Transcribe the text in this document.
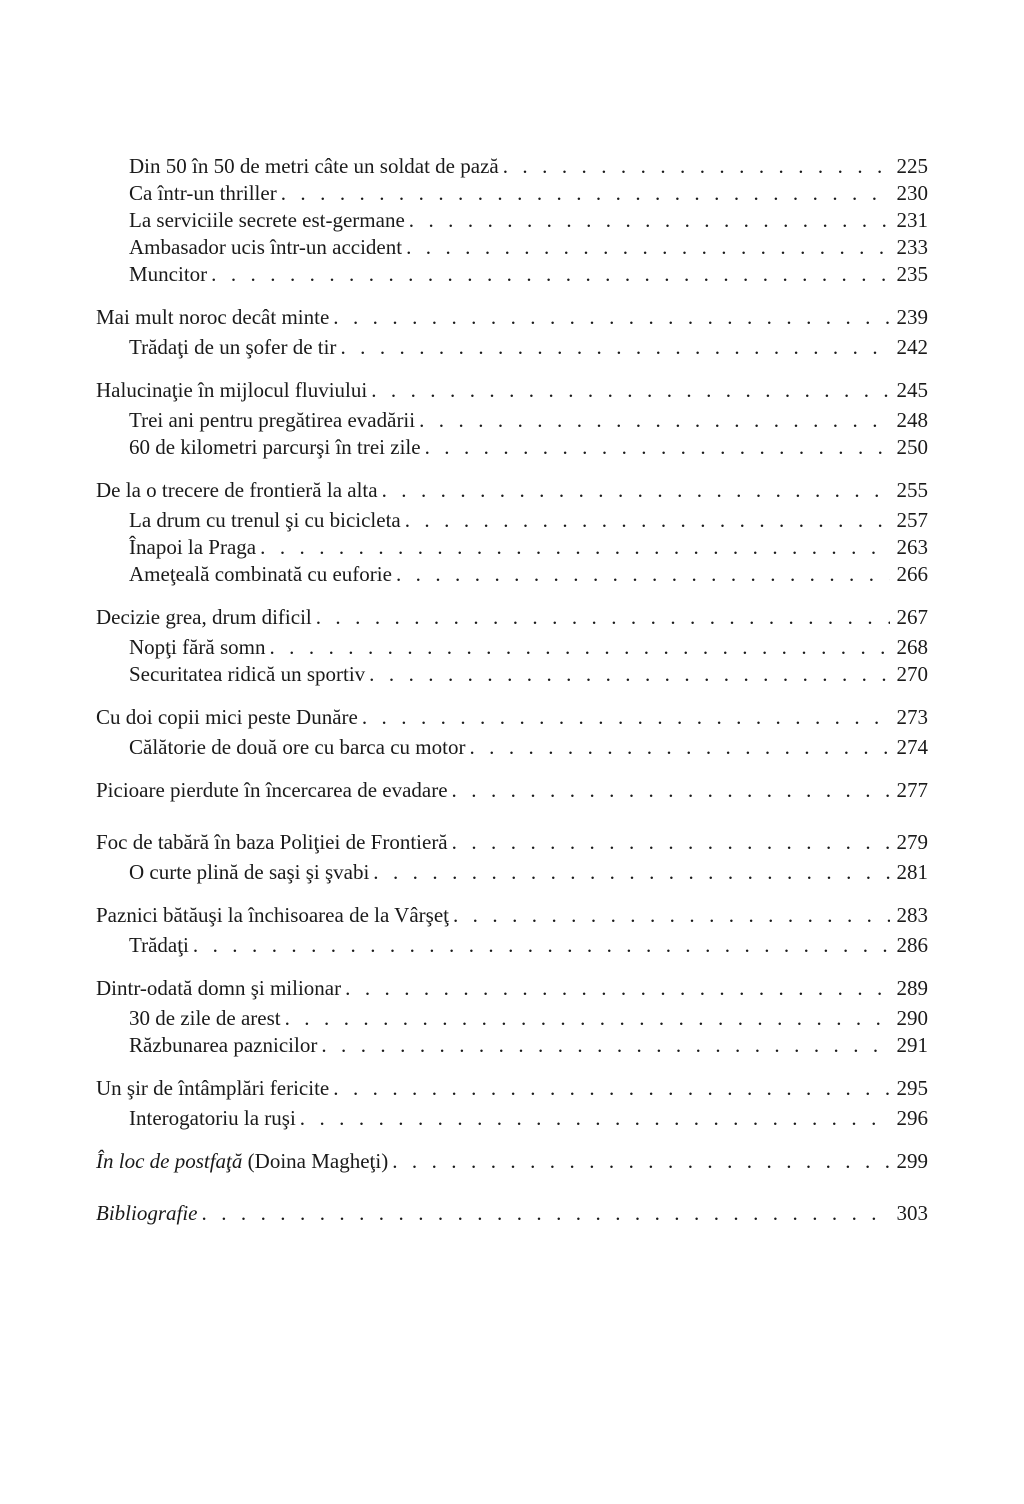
Din 50 în 50 de metri câte un soldat de pază . . .	225
Ca într-un thriller . . .	230
La serviciile secrete est-germane . . .	231
Ambasador ucis într-un accident . . .	233
Muncitor . . .	235
Mai mult noroc decât minte . . .	239
Trădaţi de un şofer de tir . . .	242
Halucinaţie în mijlocul fluviului . . .	245
Trei ani pentru pregătirea evadării . . .	248
60 de kilometri parcurşi în trei zile . . .	250
De la o trecere de frontieră la alta . . .	255
La drum cu trenul şi cu bicicleta . . .	257
Înapoi la Praga . . .	263
Ameţeală combinată cu euforie . . .	266
Decizie grea, drum dificil . . .	267
Nopţi fără somn . . .	268
Securitatea ridică un sportiv . . .	270
Cu doi copii mici peste Dunăre . . .	273
Călătorie de două ore cu barca cu motor . . .	274
Picioare pierdute în încercarea de evadare . . .	277
Foc de tabără în baza Poliţiei de Frontieră . . .	279
O curte plină de saşi şi şvabi . . .	281
Paznici bătăuşi la închisoarea de la Vârşeţ . . .	283
Trădaţi . . .	286
Dintr-odată domn şi milionar . . .	289
30 de zile de arest . . .	290
Răzbunarea paznicilor . . .	291
Un şir de întâmplări fericite . . .	295
Interogatoriu la ruşi . . .	296
În loc de postfaţă (Doina Magheţi) . . .	299
Bibliografie . . .	303
